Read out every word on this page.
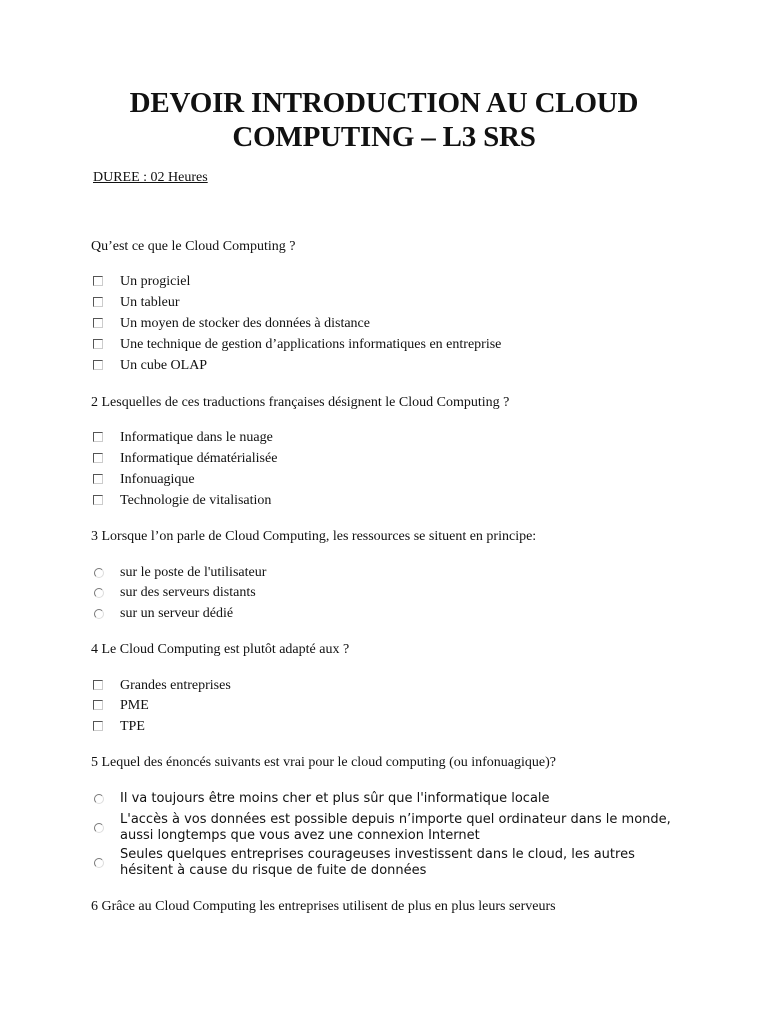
DEVOIR INTRODUCTION AU CLOUD
COMPUTING – L3 SRS
DUREE : 02 Heures
Qu’est ce que le Cloud Computing ?
Un progiciel
Un tableur
Un moyen de stocker des données à distance
Une technique de gestion d’applications informatiques en entreprise
Un cube OLAP
2 Lesquelles de ces traductions françaises désignent le Cloud Computing ?
Informatique dans le nuage
Informatique dématérialisée
Infonuagique
Technologie de vitalisation
3 Lorsque l’on parle de Cloud Computing, les ressources se situent en principe:
sur le poste de l'utilisateur
sur des serveurs distants
sur un serveur dédié
4 Le Cloud Computing est plutôt adapté aux ?
Grandes entreprises
PME
TPE
5 Lequel des énoncés suivants est vrai pour le cloud computing (ou infonuagique)?
Il va toujours être moins cher et plus sûr que l'informatique locale
L'accès à vos données est possible depuis n’importe quel ordinateur dans le monde, aussi longtemps que vous avez une connexion Internet
Seules quelques entreprises courageuses investissent dans le cloud, les autres hésitent à cause du risque de fuite de données
6 Grâce au Cloud Computing les entreprises utilisent de plus en plus leurs serveurs
